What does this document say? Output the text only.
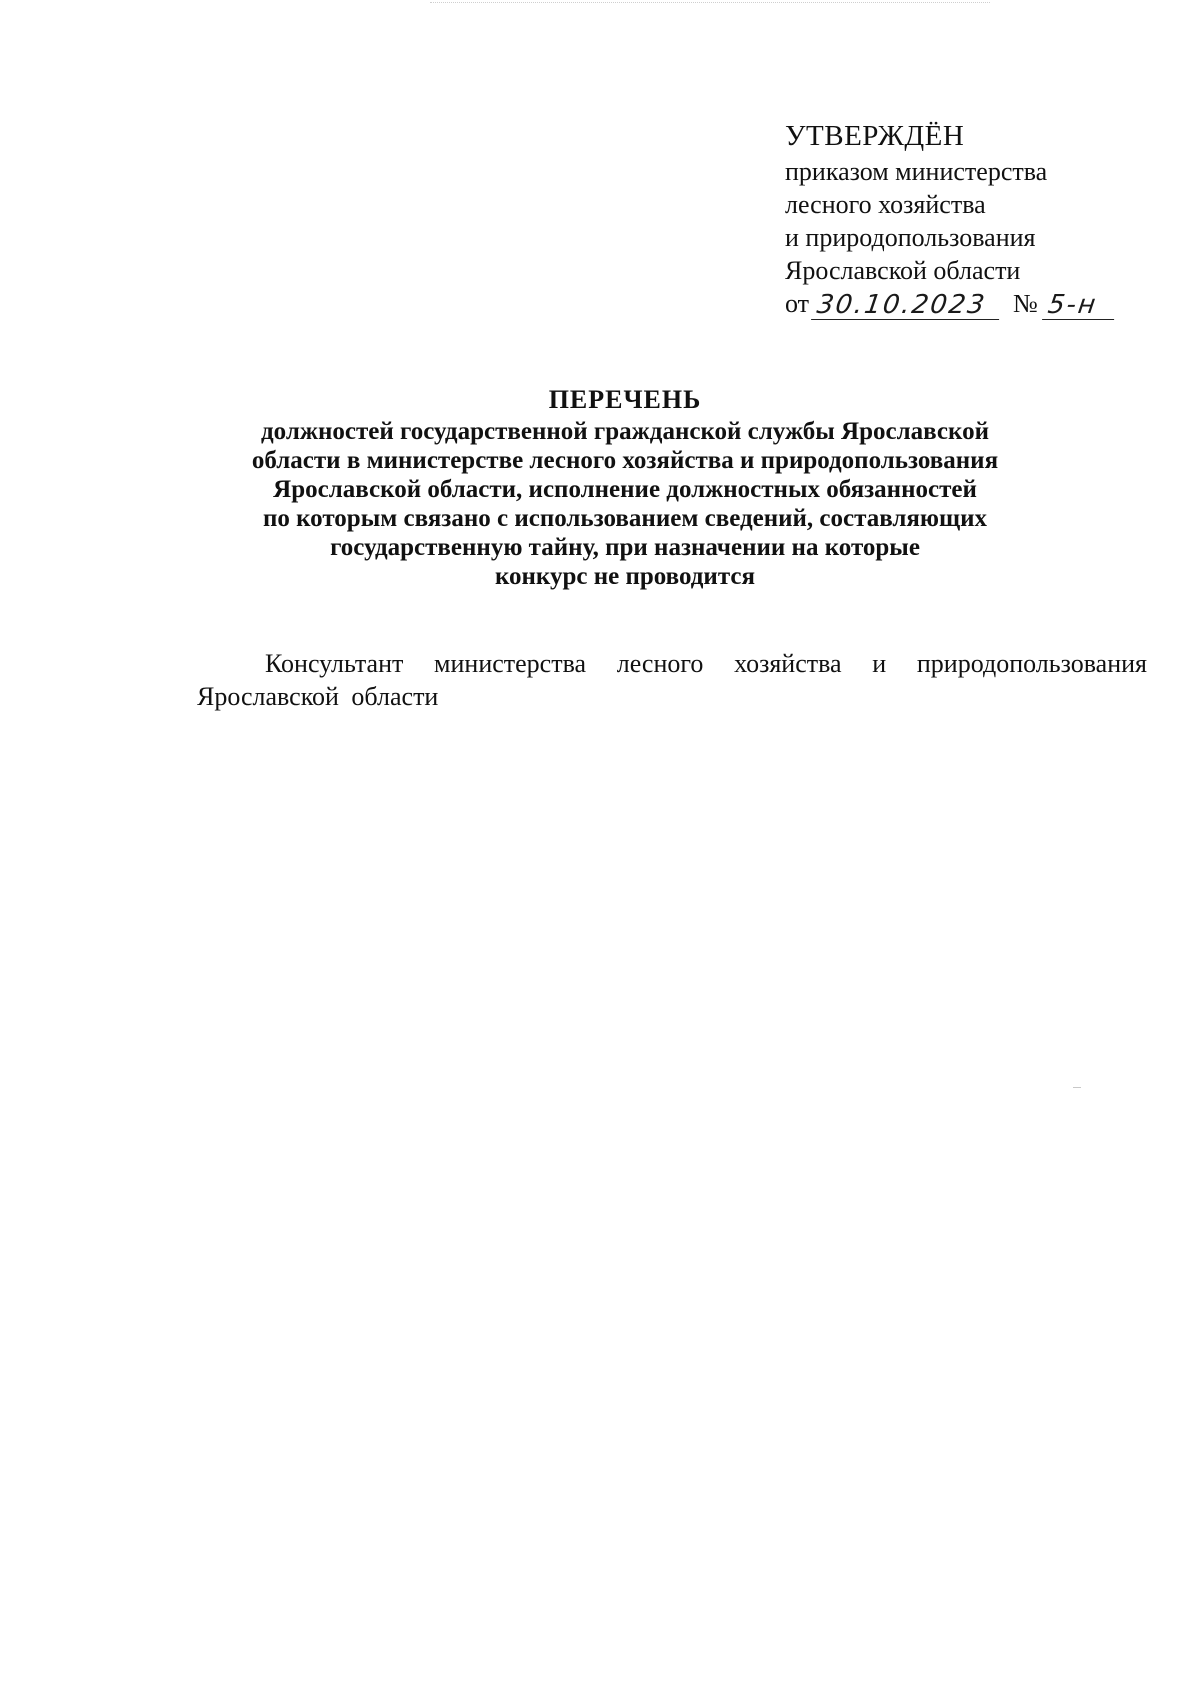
УТВЕРЖДЁН
приказом министерства
лесного хозяйства
и природопользования
Ярославской области
от 30.10.2023 № 5-н
ПЕРЕЧЕНЬ
должностей государственной гражданской службы Ярославской
области в министерстве лесного хозяйства и природопользования
Ярославской области, исполнение должностных обязанностей
по которым связано с использованием сведений, составляющих
государственную тайну, при назначении на которые
конкурс не проводится
Консультант министерства лесного хозяйства и природопользования Ярославской области
